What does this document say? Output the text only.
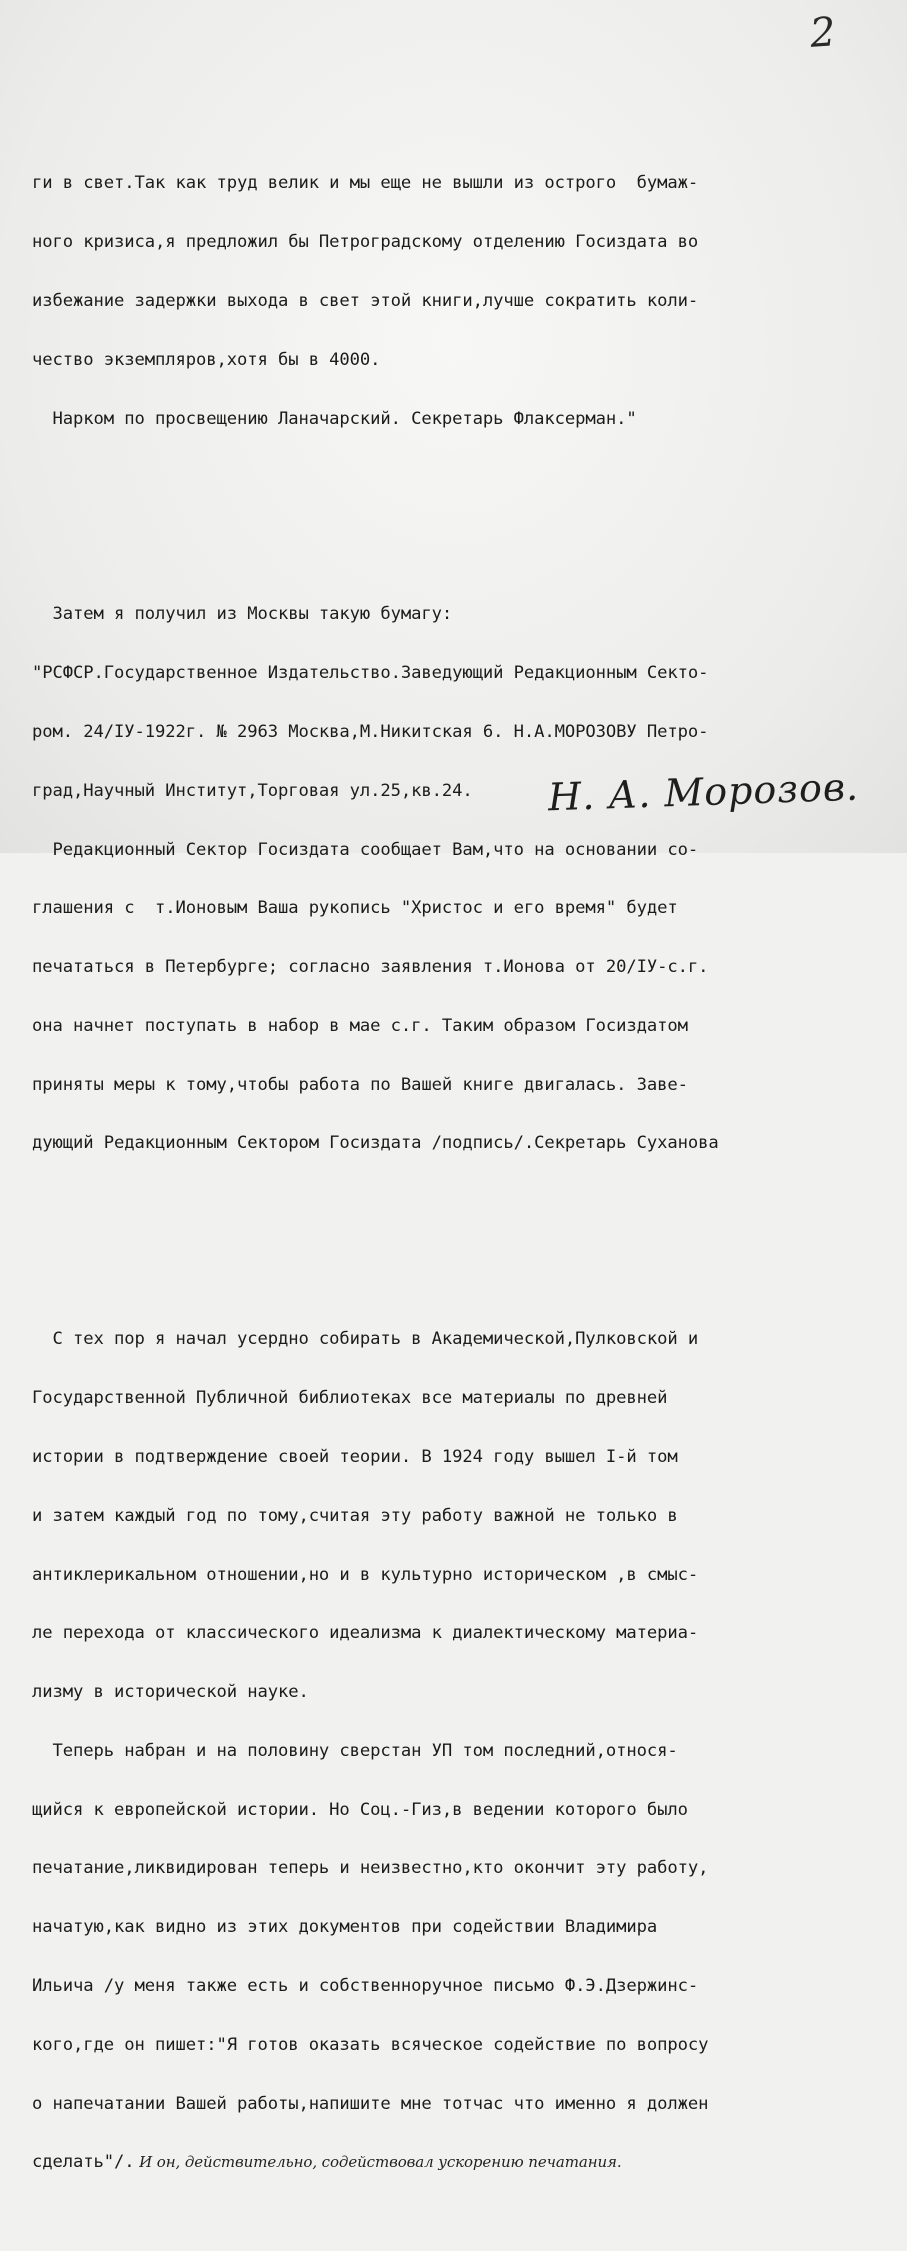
2

ги в свет.Так как труд велик и мы еще не вышли из острого  бумаж-

ного кризиса,я предложил бы Петроградскому отделению Госиздата во

избежание задержки выхода в свет этой книги,лучше сократить коли-

чество экземпляров,хотя бы в 4000.

Нарком по просвещению Ланачарский. Секретарь Флаксерман."

Затем я получил из Москвы такую бумагу:

"РСФСР.Государственное Издательство.Заведующий Редакционным Секто-

ром. 24/IУ-1922г. № 2963 Москва,М.Никитская 6. Н.А.МОРОЗОВУ Петро-

град,Научный Институт,Торговая ул.25,кв.24.

Редакционный Сектор Госиздата сообщает Вам,что на основании со-

глашения с  т.Ионовым Ваша рукопись "Христос и его время" будет

печататься в Петербурге; согласно заявления т.Ионова от 20/IУ-с.г.

она начнет поступать в набор в мае с.г. Таким образом Госиздатом

приняты меры к тому,чтобы работа по Вашей книге двигалась. Заве-

дующий Редакционным Сектором Госиздата /подпись/.Секретарь Суханова

С тех пор я начал усердно собирать в Академической,Пулковской и

Государственной Публичной библиотеках все материалы по древней

истории в подтверждение своей теории. В 1924 году вышел I-й том

и затем каждый год по тому,считая эту работу важной не только в

антиклерикальном отношении,но и в культурно историческом ,в смыс-

ле перехода от классического идеализма к диалектическому материа-

лизму в исторической науке.

Теперь набран и на половину сверстан УП том последний,относя-

щийся к европейской истории. Но Соц.-Гиз,в ведении которого было

печатание,ликвидирован теперь и неизвестно,кто окончит эту работу,

начатую,как видно из этих документов при содействии Владимира

Ильича /у меня также есть и собственноручное письмо Ф.Э.Дзержинс-

кого,где он пишет:"Я готов оказать всяческое содействие по вопросу

о напечатании Вашей работы,напишите мне тотчас что именно я должен

сделать"/. И он, действительно, содействовал ускорению печатания.

Н. А. Морозов.
